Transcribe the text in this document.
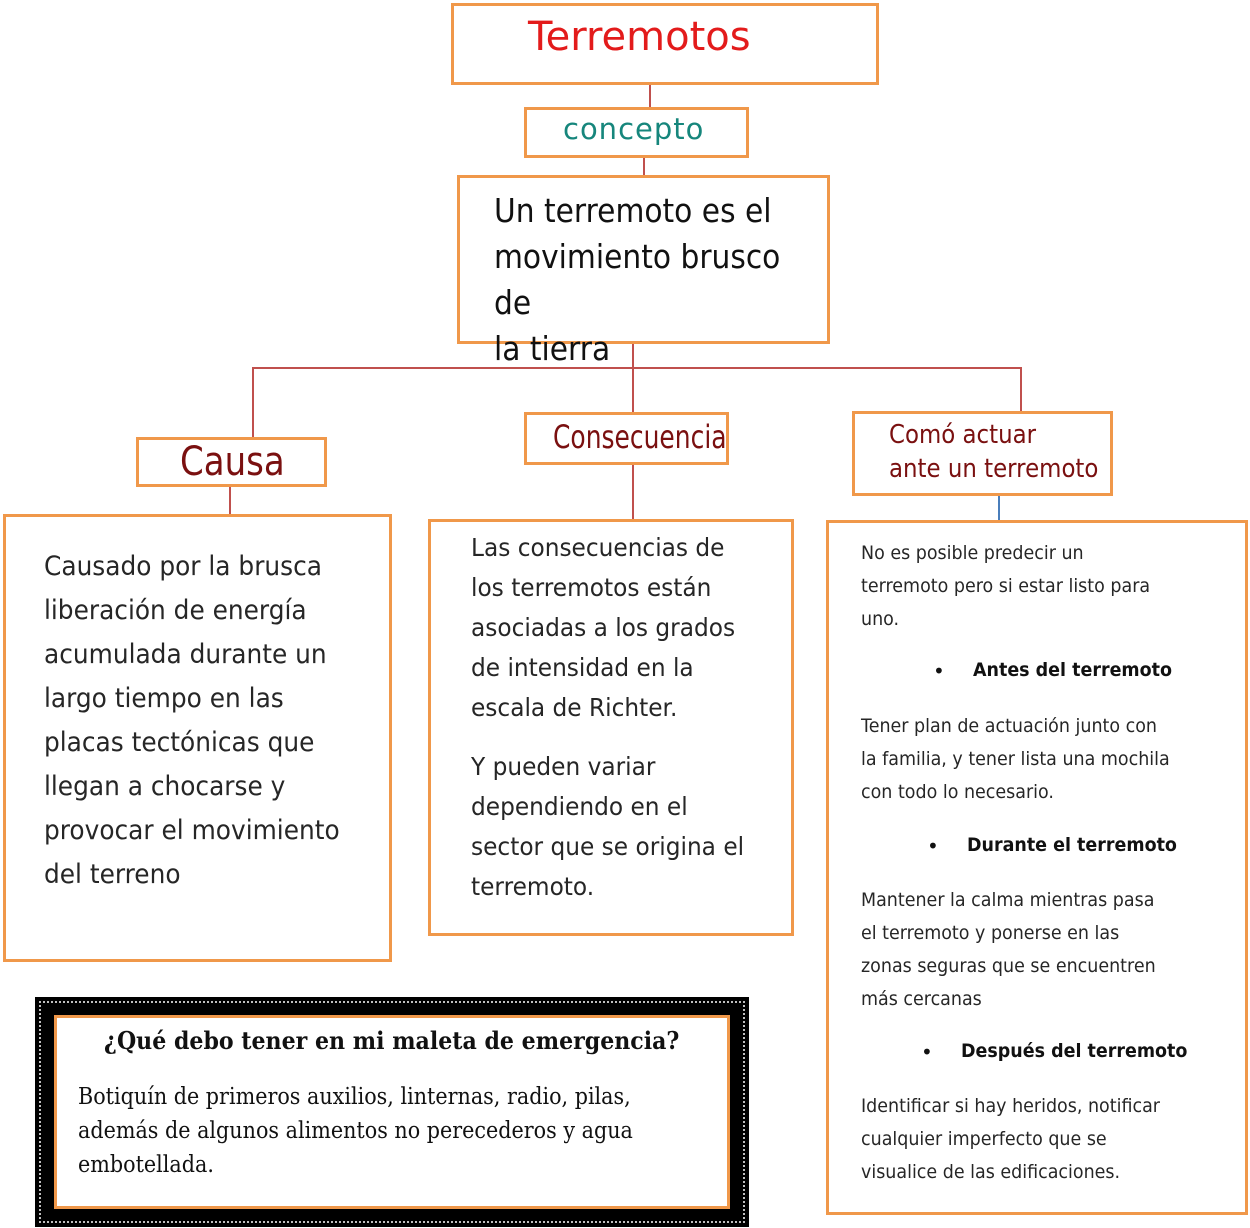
Terremotos
concepto
Un terremoto es el
movimiento brusco de
la tierra
Causa
Consecuencia	Comó actuar
ante un terremoto
Causado por la brusca
liberación de energía
acumulada durante un
largo tiempo en las
placas tectónicas que
llegan a chocarse y
provocar el movimiento
del terreno
Las consecuencias de
los terremotos están
asociadas a los grados
de intensidad en la
escala de Richter.
Y pueden variar
dependiendo en el
sector que se origina el
terremoto.
No es posible predecir un
terremoto pero si estar listo para
uno.
• Antes del terremoto
Tener plan de actuación junto con
la familia, y tener lista una mochila
con todo lo necesario.
• Durante el terremoto
Mantener la calma mientras pasa
el terremoto y ponerse en las
zonas seguras que se encuentren
más cercanas
• Después del terremoto
Identificar si hay heridos, notificar
cualquier imperfecto que se
visualice de las edificaciones.
¿Qué debo tener en mi maleta de emergencia?
Botiquín de primeros auxilios, linternas, radio, pilas,
además de algunos alimentos no perecederos y agua
embotellada.
